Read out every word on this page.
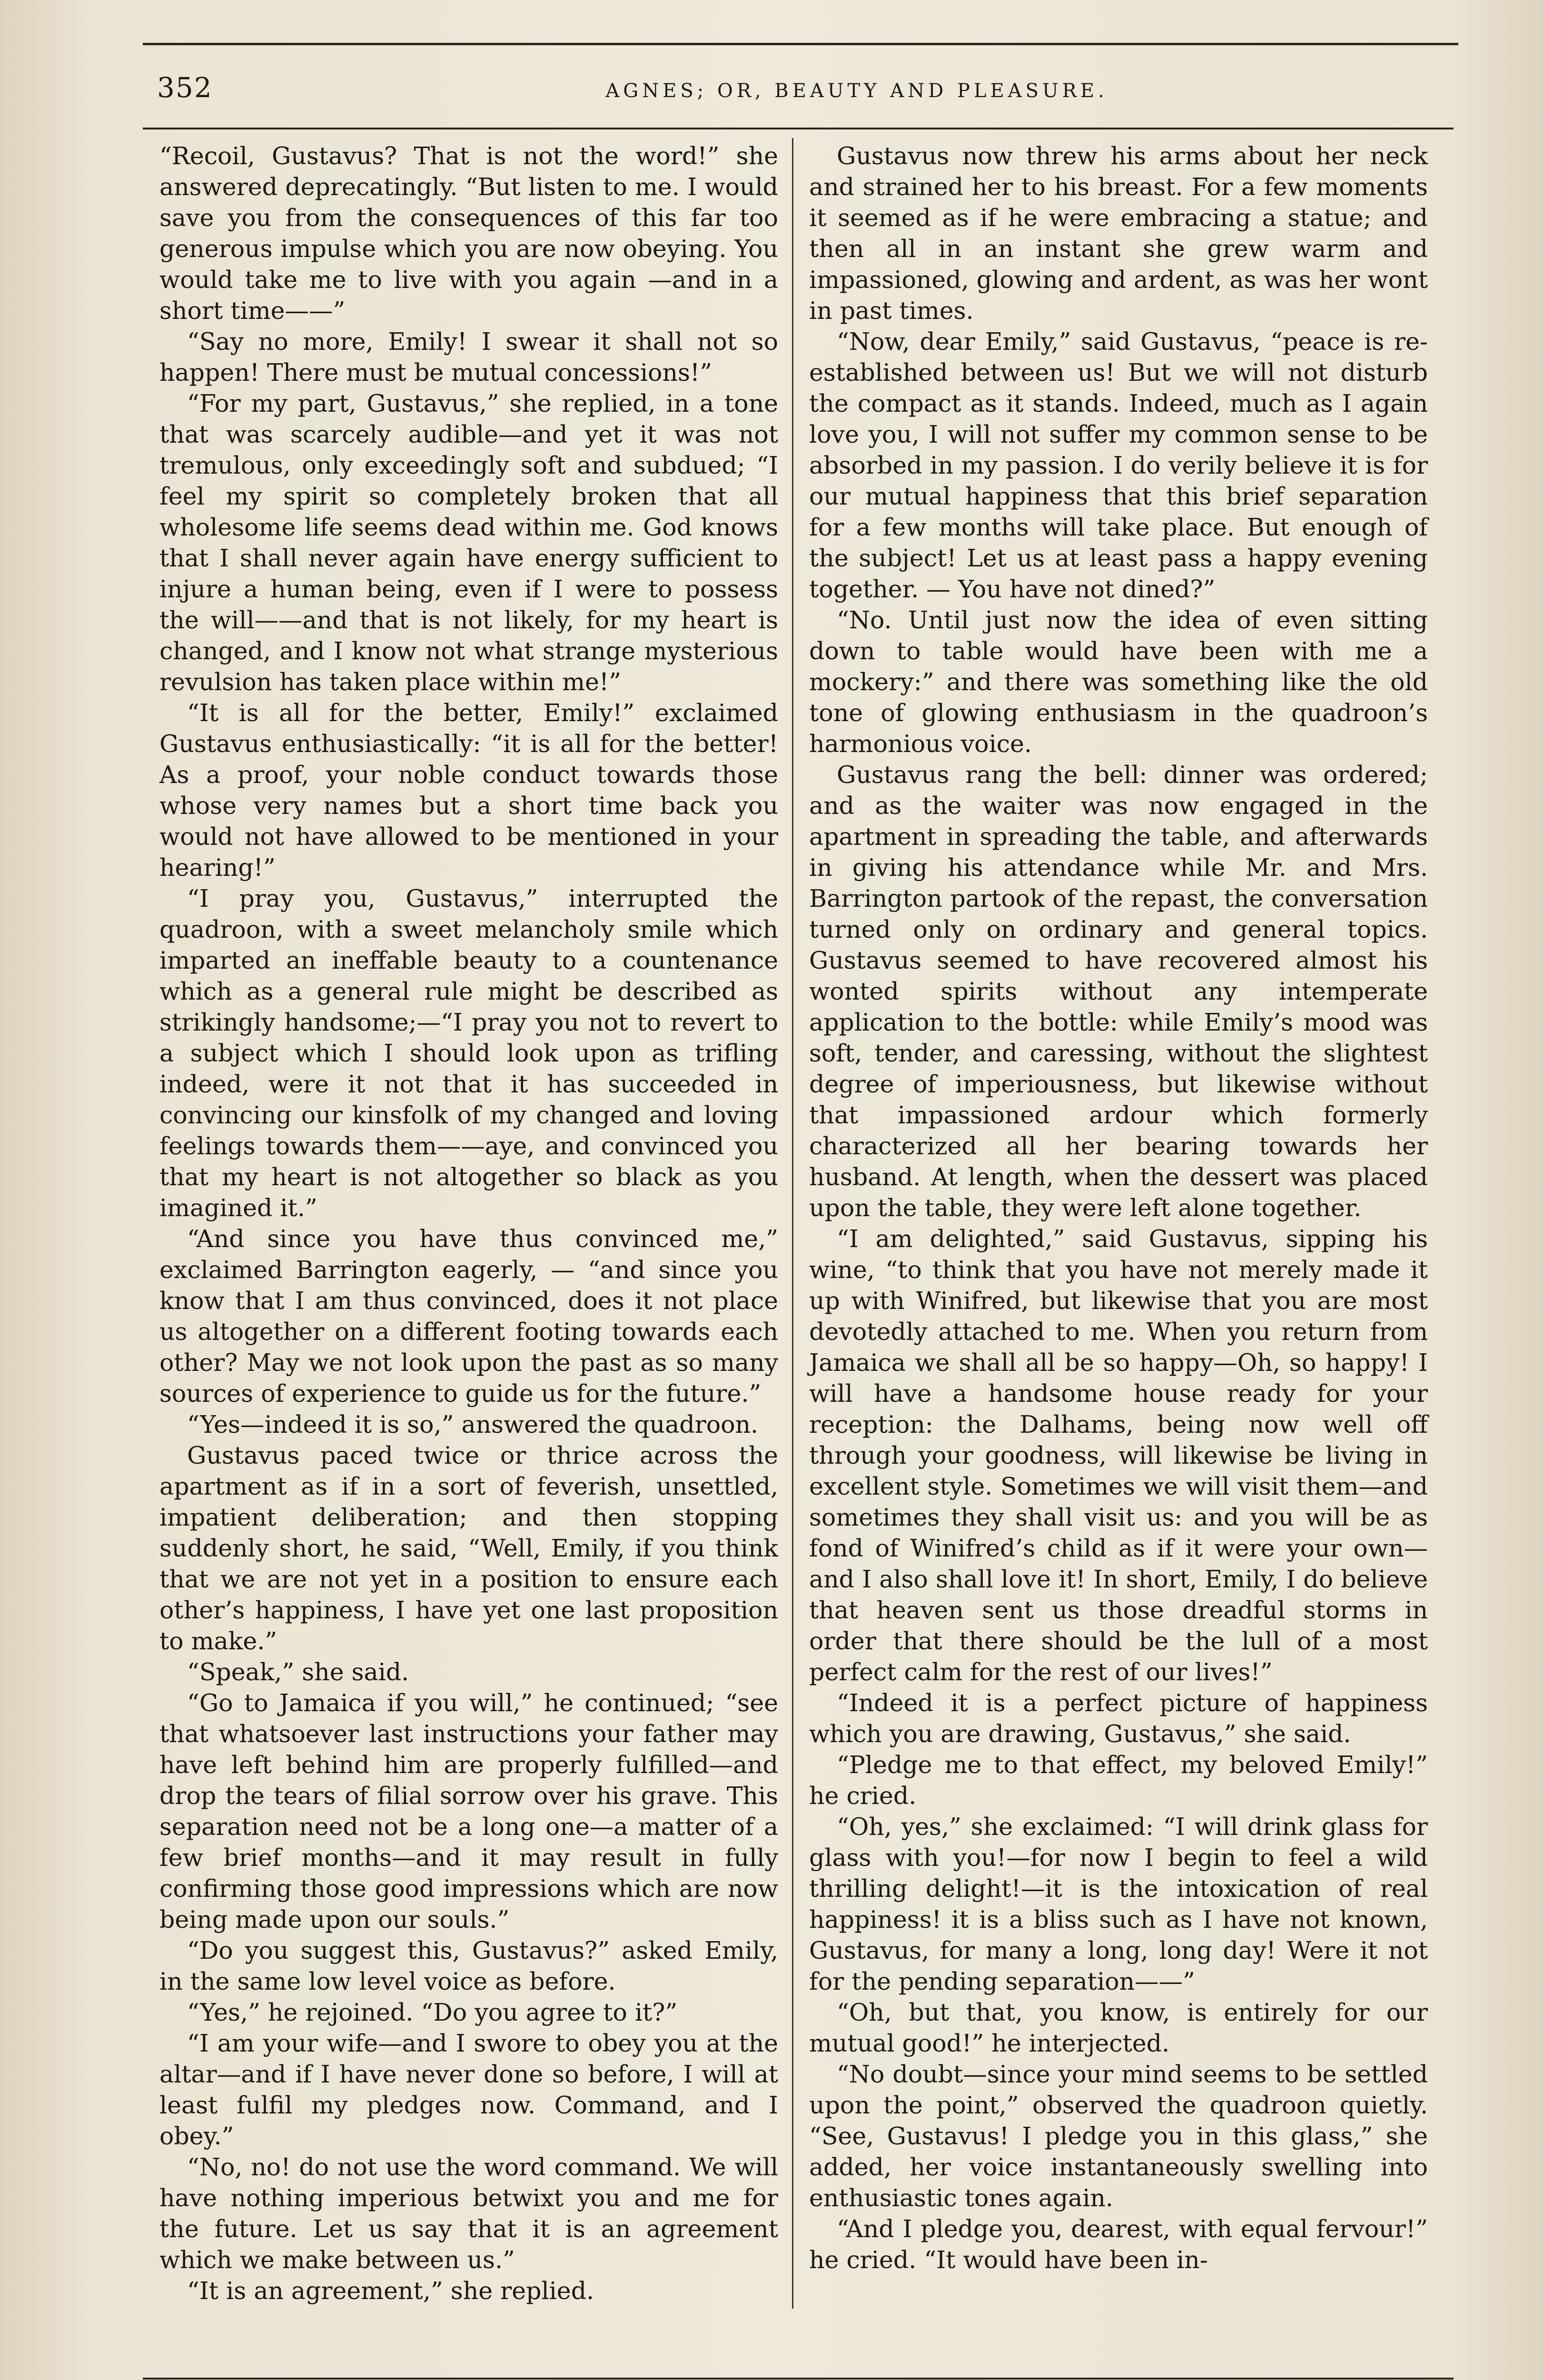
352	AGNES; OR, BEAUTY AND PLEASURE.

“Recoil, Gustavus? That is not the word!” she answered deprecatingly. “But listen to me. I would save you from the consequences of this far too generous impulse which you are now obeying. You would take me to live with you again —and in a short time——”

“Say no more, Emily! I swear it shall not so happen! There must be mutual concessions!”

“For my part, Gustavus,” she replied, in a tone that was scarcely audible—and yet it was not tremulous, only exceedingly soft and subdued; “I feel my spirit so completely broken that all wholesome life seems dead within me. God knows that I shall never again have energy sufficient to injure a human being, even if I were to possess the will——and that is not likely, for my heart is changed, and I know not what strange mysterious revulsion has taken place within me!”

“It is all for the better, Emily!” exclaimed Gustavus enthusiastically: “it is all for the better! As a proof, your noble conduct towards those whose very names but a short time back you would not have allowed to be mentioned in your hearing!”

“I pray you, Gustavus,” interrupted the quadroon, with a sweet melancholy smile which imparted an ineffable beauty to a countenance which as a general rule might be described as strikingly handsome;—“I pray you not to revert to a subject which I should look upon as trifling indeed, were it not that it has succeeded in convincing our kinsfolk of my changed and loving feelings towards them——aye, and convinced you that my heart is not altogether so black as you imagined it.”

“And since you have thus convinced me,” exclaimed Barrington eagerly, — “and since you know that I am thus convinced, does it not place us altogether on a different footing towards each other? May we not look upon the past as so many sources of experience to guide us for the future.”

“Yes—indeed it is so,” answered the quadroon.

Gustavus paced twice or thrice across the apartment as if in a sort of feverish, unsettled, impatient deliberation; and then stopping suddenly short, he said, “Well, Emily, if you think that we are not yet in a position to ensure each other’s happiness, I have yet one last proposition to make.”

“Speak,” she said.

“Go to Jamaica if you will,” he continued; “see that whatsoever last instructions your father may have left behind him are properly fulfilled—and drop the tears of filial sorrow over his grave. This separation need not be a long one—a matter of a few brief months—and it may result in fully confirming those good impressions which are now being made upon our souls.”

“Do you suggest this, Gustavus?” asked Emily, in the same low level voice as before.

“Yes,” he rejoined. “Do you agree to it?”

“I am your wife—and I swore to obey you at the altar—and if I have never done so before, I will at least fulfil my pledges now. Command, and I obey.”

“No, no! do not use the word command. We will have nothing imperious betwixt you and me for the future. Let us say that it is an agreement which we make between us.”

“It is an agreement,” she replied.

Gustavus now threw his arms about her neck and strained her to his breast. For a few moments it seemed as if he were embracing a statue; and then all in an instant she grew warm and impassioned, glowing and ardent, as was her wont in past times.

“Now, dear Emily,” said Gustavus, “peace is re-established between us! But we will not disturb the compact as it stands. Indeed, much as I again love you, I will not suffer my common sense to be absorbed in my passion. I do verily believe it is for our mutual happiness that this brief separation for a few months will take place. But enough of the subject! Let us at least pass a happy evening together. — You have not dined?”

“No. Until just now the idea of even sitting down to table would have been with me a mockery:” and there was something like the old tone of glowing enthusiasm in the quadroon’s harmonious voice.

Gustavus rang the bell: dinner was ordered; and as the waiter was now engaged in the apartment in spreading the table, and afterwards in giving his attendance while Mr. and Mrs. Barrington partook of the repast, the conversation turned only on ordinary and general topics. Gustavus seemed to have recovered almost his wonted spirits without any intemperate application to the bottle: while Emily’s mood was soft, tender, and caressing, without the slightest degree of imperiousness, but likewise without that impassioned ardour which formerly characterized all her bearing towards her husband. At length, when the dessert was placed upon the table, they were left alone together.

“I am delighted,” said Gustavus, sipping his wine, “to think that you have not merely made it up with Winifred, but likewise that you are most devotedly attached to me. When you return from Jamaica we shall all be so happy—Oh, so happy! I will have a handsome house ready for your reception: the Dalhams, being now well off through your goodness, will likewise be living in excellent style. Sometimes we will visit them—and sometimes they shall visit us: and you will be as fond of Winifred’s child as if it were your own—and I also shall love it! In short, Emily, I do believe that heaven sent us those dreadful storms in order that there should be the lull of a most perfect calm for the rest of our lives!”

“Indeed it is a perfect picture of happiness which you are drawing, Gustavus,” she said.

“Pledge me to that effect, my beloved Emily!” he cried.

“Oh, yes,” she exclaimed: “I will drink glass for glass with you!—for now I begin to feel a wild thrilling delight!—it is the intoxication of real happiness! it is a bliss such as I have not known, Gustavus, for many a long, long day! Were it not for the pending separation——”

“Oh, but that, you know, is entirely for our mutual good!” he interjected.

“No doubt—since your mind seems to be settled upon the point,” observed the quadroon quietly. “See, Gustavus! I pledge you in this glass,” she added, her voice instantaneously swelling into enthusiastic tones again.

“And I pledge you, dearest, with equal fervour!” he cried. “It would have been in-
